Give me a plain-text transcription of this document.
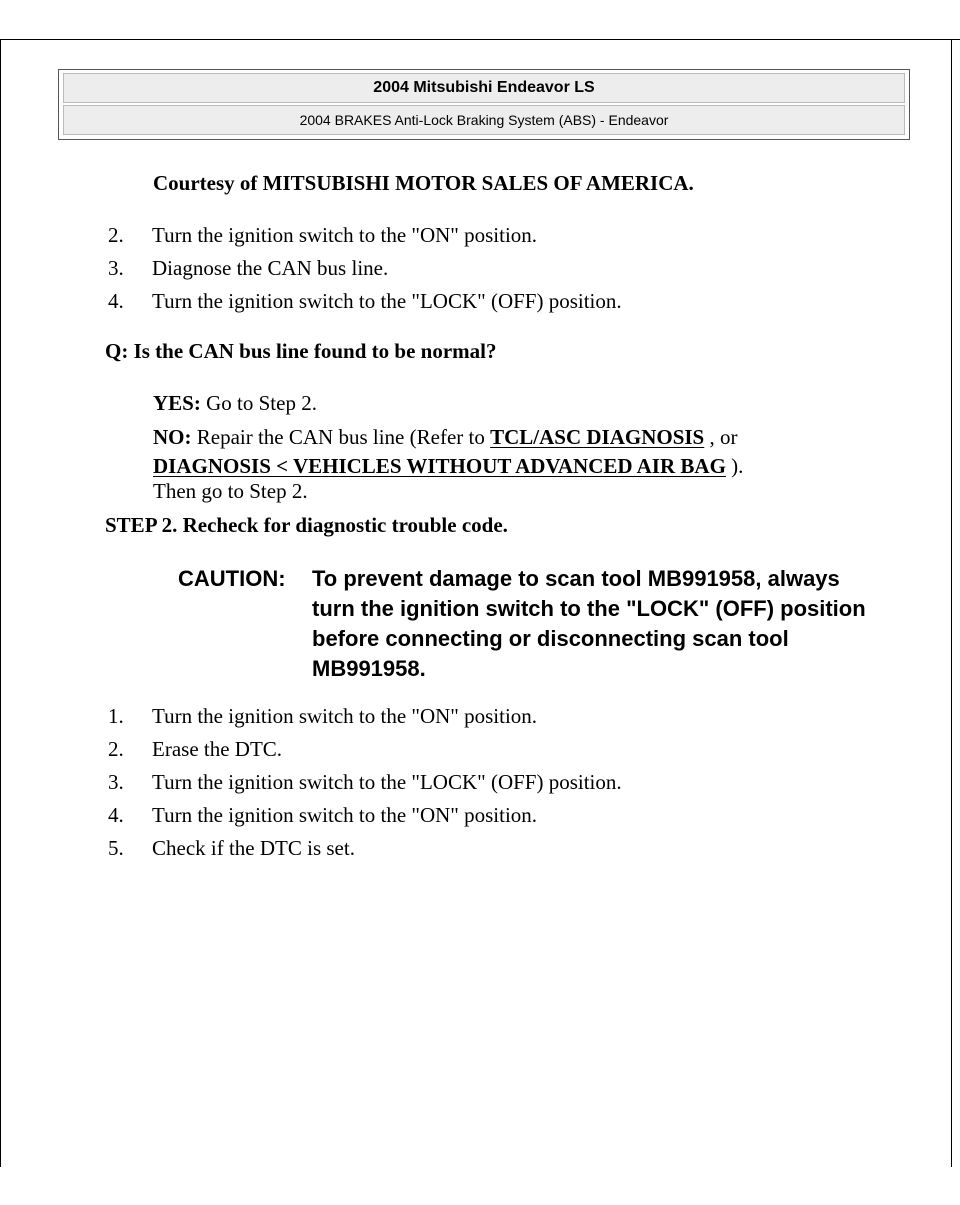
2004 Mitsubishi Endeavor LS
2004 BRAKES Anti-Lock Braking System (ABS) - Endeavor
Courtesy of MITSUBISHI MOTOR SALES OF AMERICA.
2. Turn the ignition switch to the "ON" position.
3. Diagnose the CAN bus line.
4. Turn the ignition switch to the "LOCK" (OFF) position.
Q: Is the CAN bus line found to be normal?
YES: Go to Step 2.
NO: Repair the CAN bus line (Refer to TCL/ASC DIAGNOSIS , or
DIAGNOSIS < VEHICLES WITHOUT ADVANCED AIR BAG ).
Then go to Step 2.
STEP 2. Recheck for diagnostic trouble code.
CAUTION: To prevent damage to scan tool MB991958, always turn the ignition switch to the "LOCK" (OFF) position before connecting or disconnecting scan tool MB991958.
1. Turn the ignition switch to the "ON" position.
2. Erase the DTC.
3. Turn the ignition switch to the "LOCK" (OFF) position.
4. Turn the ignition switch to the "ON" position.
5. Check if the DTC is set.
